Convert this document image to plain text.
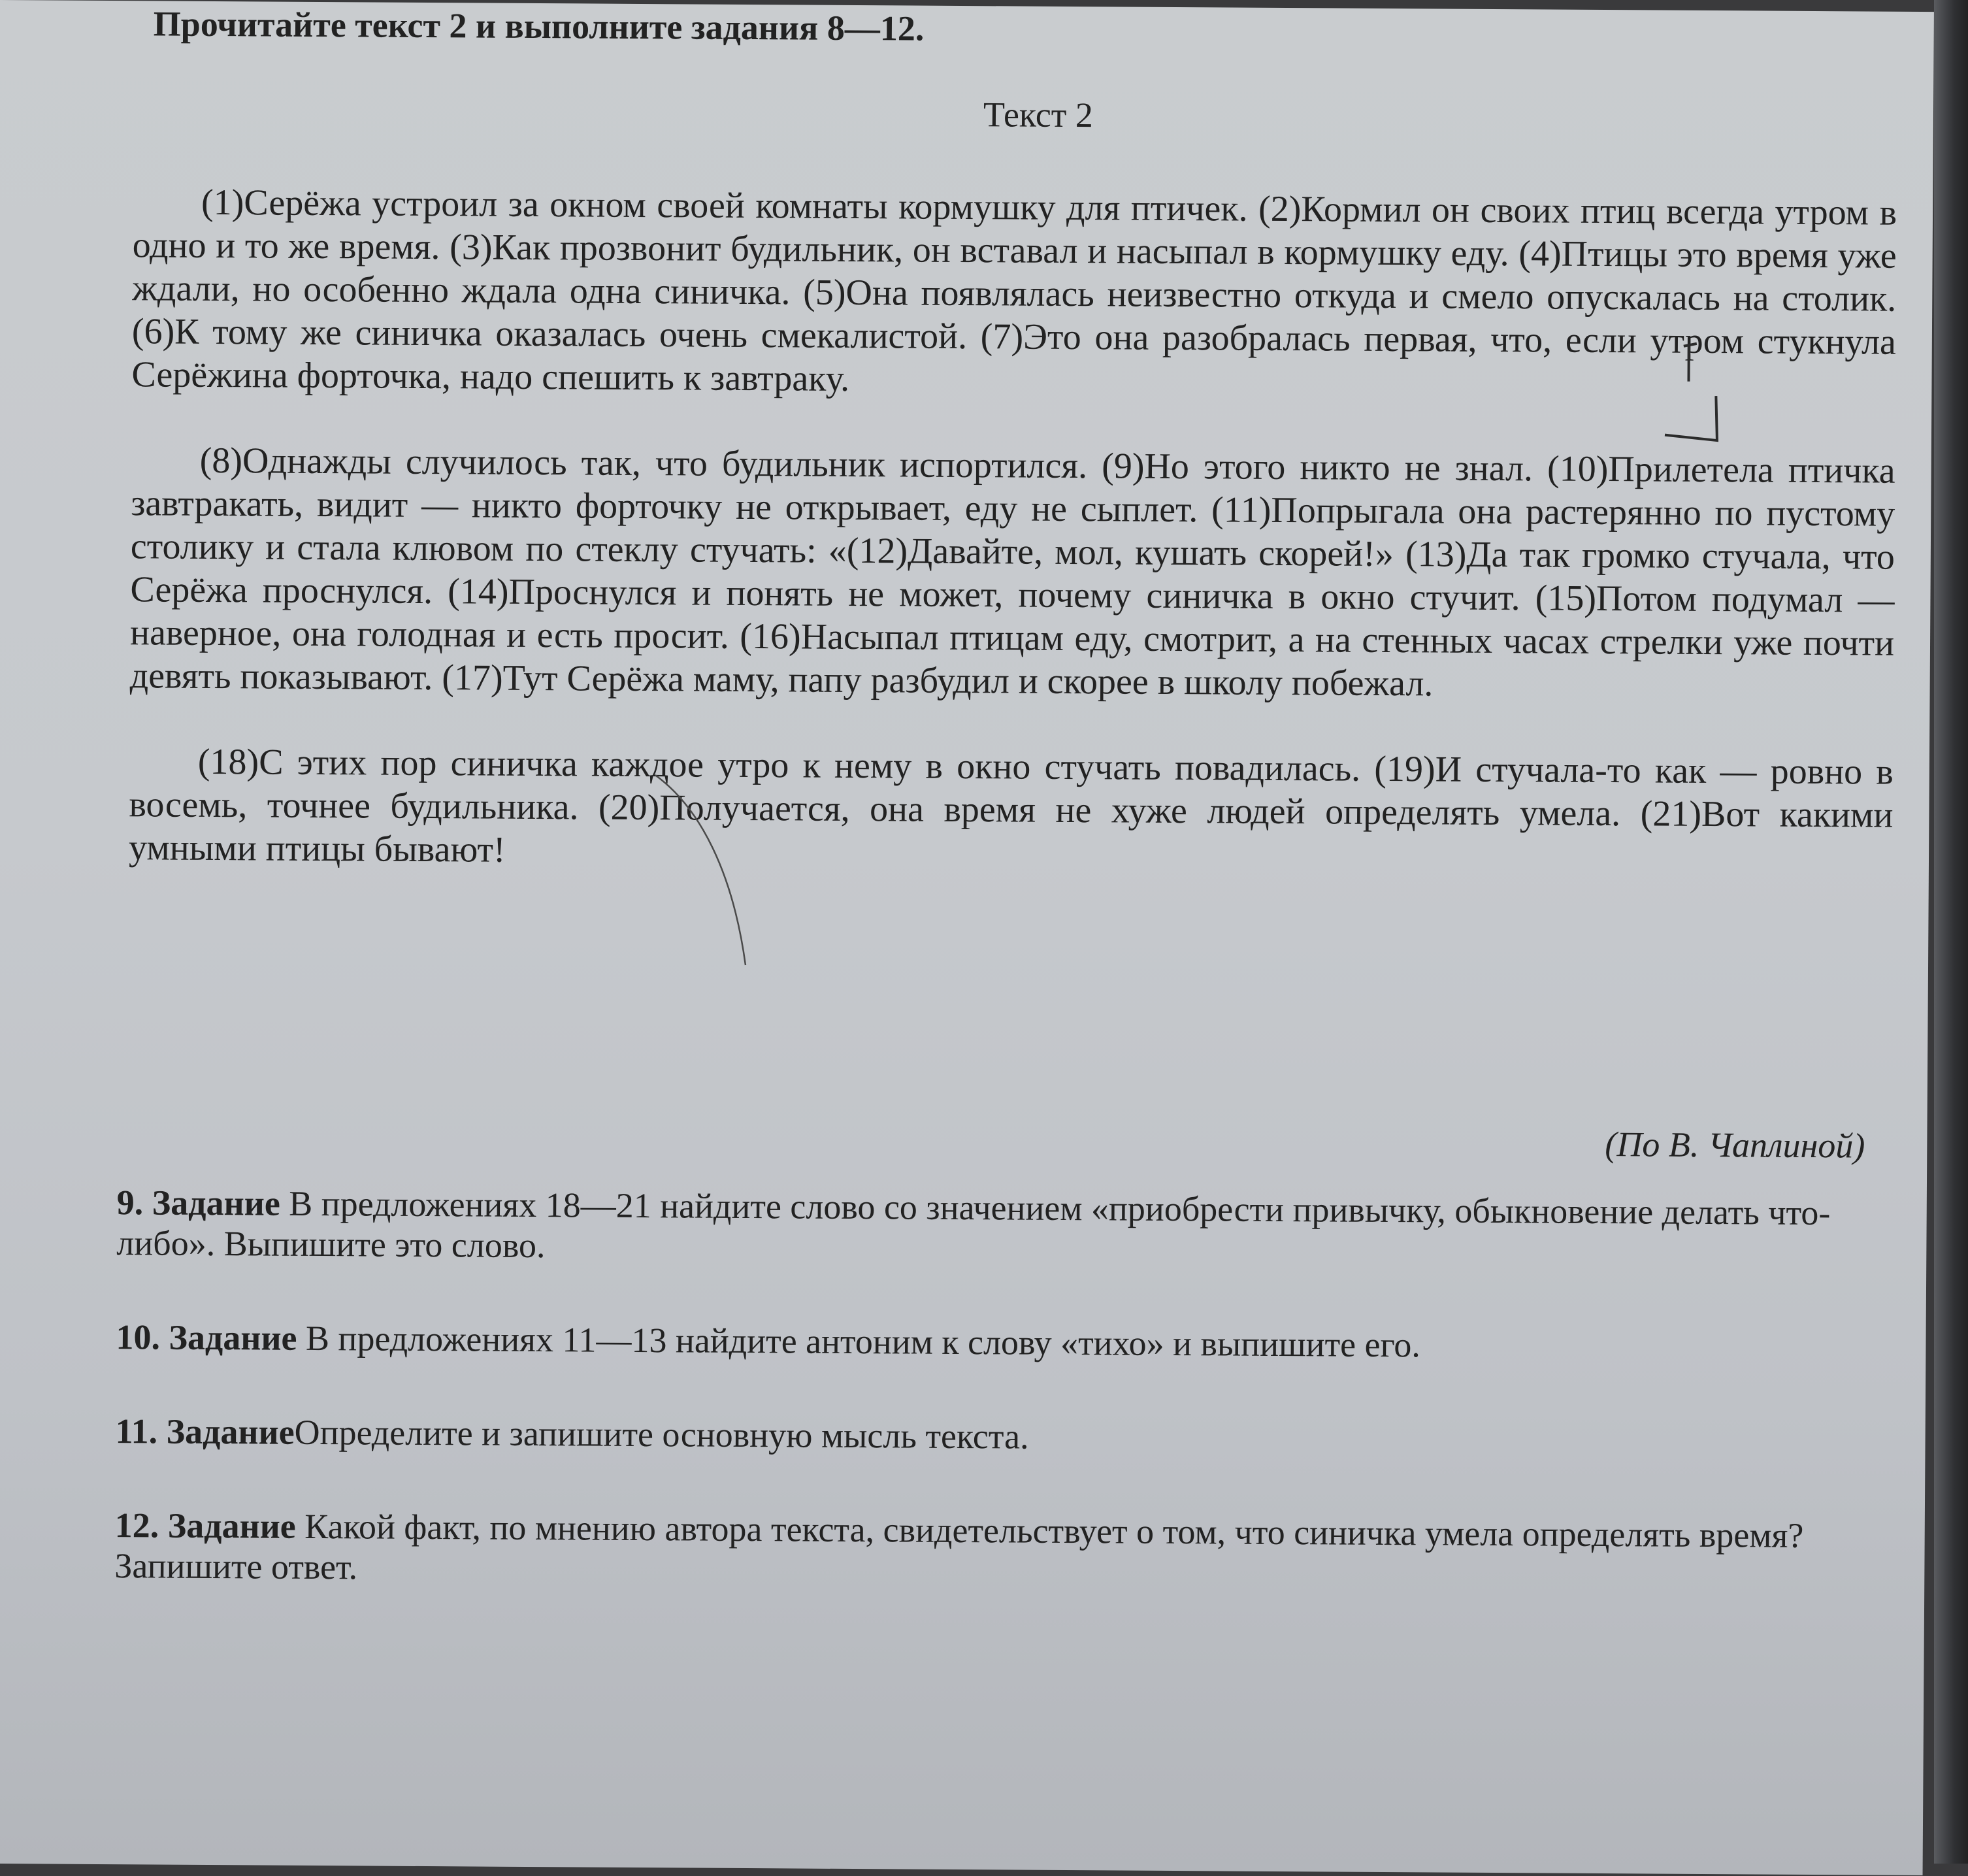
Прочитайте текст 2 и выполните задания 8—12.

Текст 2

(1)Серёжа устроил за окном своей комнаты кормушку для птичек. (2)Кормил он своих птиц всегда утром в одно и то же время. (3)Как прозвонит будильник, он вставал и насыпал в кормушку еду. (4)Птицы это время уже ждали, но особенно ждала одна синичка. (5)Она появлялась неизвестно откуда и смело опускалась на столик. (6)К тому же синичка оказалась очень смекалистой. (7)Это она разобралась первая, что, если утром стукнула Серёжина форточка, надо спешить к завтраку.

(8)Однажды случилось так, что будильник испортился. (9)Но этого никто не знал. (10)Прилетела птичка завтракать, видит — никто форточку не открывает, еду не сыплет. (11)Попрыгала она растерянно по пустому столику и стала клювом по стеклу стучать: «(12)Давайте, мол, кушать скорей!» (13)Да так громко стучала, что Серёжа проснулся. (14)Проснулся и понять не может, почему синичка в окно стучит. (15)Потом подумал — наверное, она голодная и есть просит. (16)Насыпал птицам еду, смотрит, а на стенных часах стрелки уже почти девять показывают. (17)Тут Серёжа маму, папу разбудил и скорее в школу побежал.

(18)С этих пор синичка каждое утро к нему в окно стучать повадилась. (19)И стучала-то как — ровно в восемь, точнее будильника. (20)Получается, она время не хуже людей определять умела. (21)Вот какими умными птицы бывают!

(По В. Чаплиной)

9. Задание В предложениях 18—21 найдите слово со значением «приобрести привычку, обыкновение делать что-либо». Выпишите это слово.

10. Задание В предложениях 11—13 найдите антоним к слову «тихо» и выпишите его.

11. ЗаданиеОпределите и запишите основную мысль текста.

12. Задание Какой факт, по мнению автора текста, свидетельствует о том, что синичка умела определять время? Запишите ответ.
